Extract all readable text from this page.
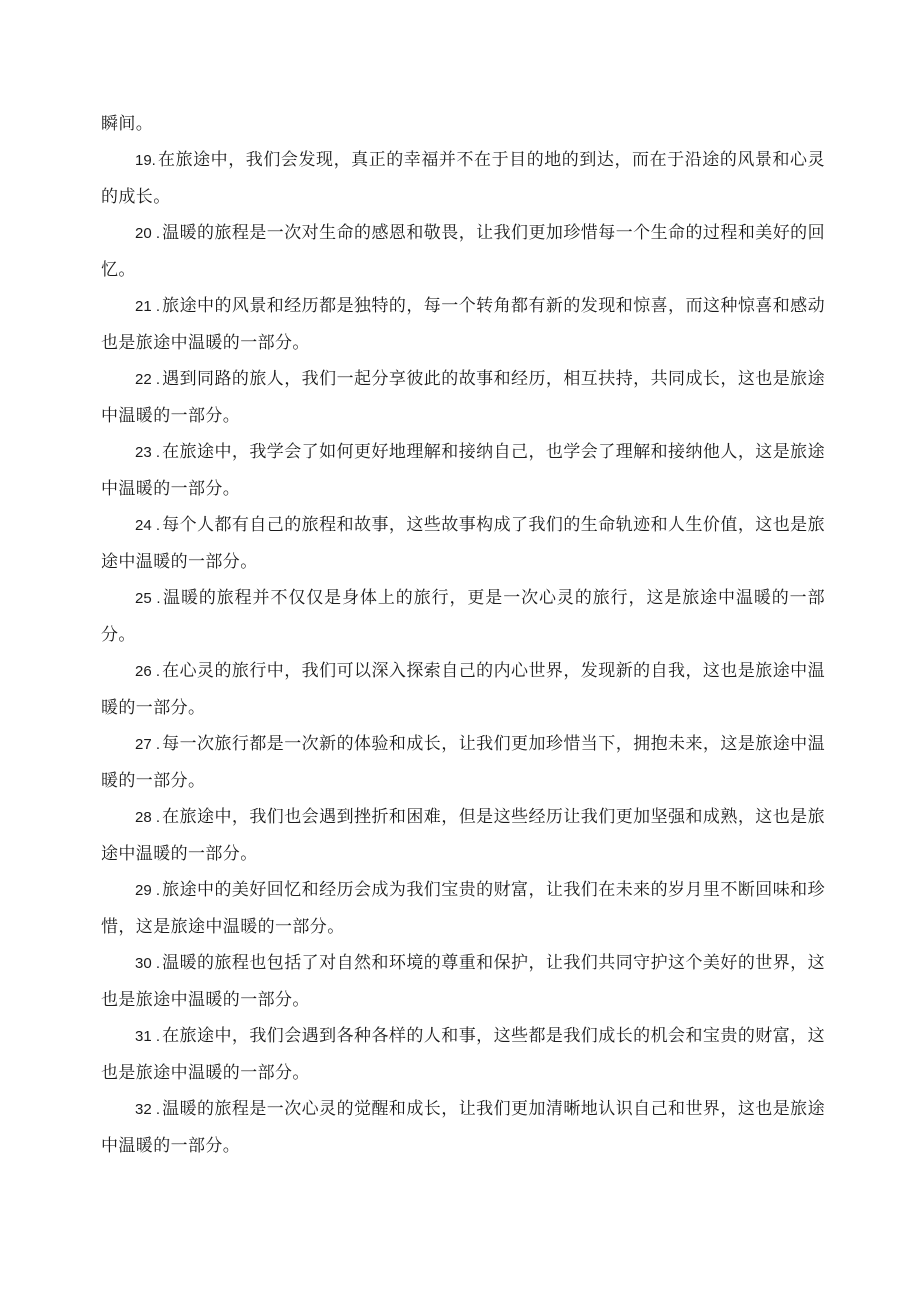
瞬间。

19. 在旅途中，我们会发现，真正的幸福并不在于目的地的到达，而在于沿途的风景和心灵的成长。

20 . 温暖的旅程是一次对生命的感恩和敬畏，让我们更加珍惜每一个生命的过程和美好的回忆。

21 . 旅途中的风景和经历都是独特的，每一个转角都有新的发现和惊喜，而这种惊喜和感动也是旅途中温暖的一部分。

22 . 遇到同路的旅人，我们一起分享彼此的故事和经历，相互扶持，共同成长，这也是旅途中温暖的一部分。

23 . 在旅途中，我学会了如何更好地理解和接纳自己，也学会了理解和接纳他人，这是旅途中温暖的一部分。

24 . 每个人都有自己的旅程和故事，这些故事构成了我们的生命轨迹和人生价值，这也是旅途中温暖的一部分。

25 . 温暖的旅程并不仅仅是身体上的旅行，更是一次心灵的旅行，这是旅途中温暖的一部分。

26 . 在心灵的旅行中，我们可以深入探索自己的内心世界，发现新的自我，这也是旅途中温暖的一部分。

27 . 每一次旅行都是一次新的体验和成长，让我们更加珍惜当下，拥抱未来，这是旅途中温暖的一部分。

28 . 在旅途中，我们也会遇到挫折和困难，但是这些经历让我们更加坚强和成熟，这也是旅途中温暖的一部分。

29 . 旅途中的美好回忆和经历会成为我们宝贵的财富，让我们在未来的岁月里不断回味和珍惜，这是旅途中温暖的一部分。

30 . 温暖的旅程也包括了对自然和环境的尊重和保护，让我们共同守护这个美好的世界，这也是旅途中温暖的一部分。

31 . 在旅途中，我们会遇到各种各样的人和事，这些都是我们成长的机会和宝贵的财富，这也是旅途中温暖的一部分。

32 . 温暖的旅程是一次心灵的觉醒和成长，让我们更加清晰地认识自己和世界，这也是旅途中温暖的一部分。
